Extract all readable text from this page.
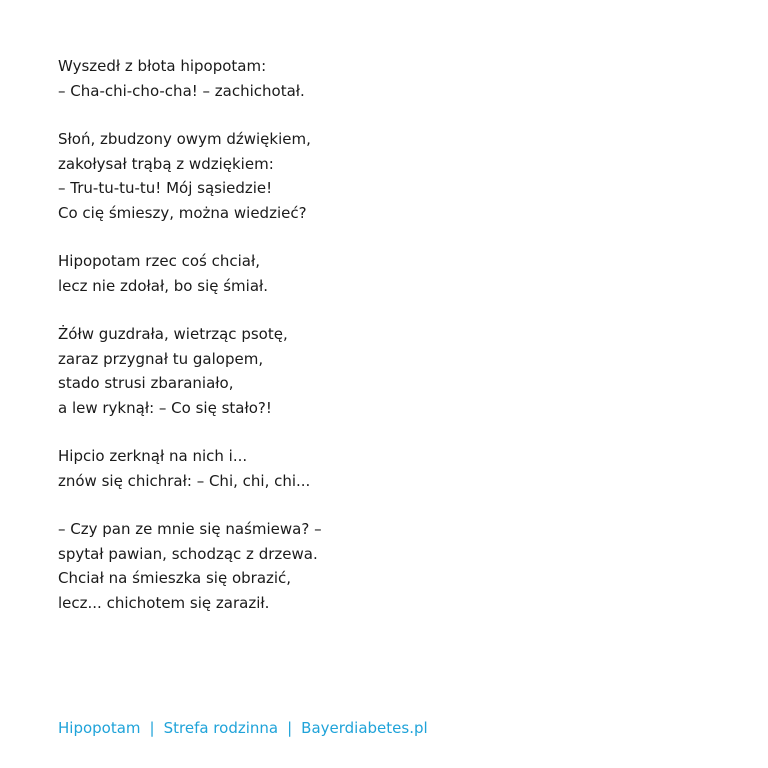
Wyszedł z błota hipopotam:
– Cha-chi-cho-cha! – zachichotał.
Słoń, zbudzony owym dźwiękiem,
zakołysał trąbą z wdziękiem:
– Tru-tu-tu-tu! Mój sąsiedzie!
Co cię śmieszy, można wiedzieć?
Hipopotam rzec coś chciał,
lecz nie zdołał, bo się śmiał.
Żółw guzdrała, wietrząc psotę,
zaraz przygnał tu galopem,
stado strusi zbaraniało,
a lew ryknął: – Co się stało?!
Hipcio zerknął na nich i...
znów się chichrał: – Chi, chi, chi...
– Czy pan ze mnie się naśmiewa? –
spytał pawian, schodząc z drzewa.
Chciał na śmieszka się obrazić,
lecz... chichotem się zaraził.
Hipopotam | Strefa rodzinna | Bayerdiabetes.pl
